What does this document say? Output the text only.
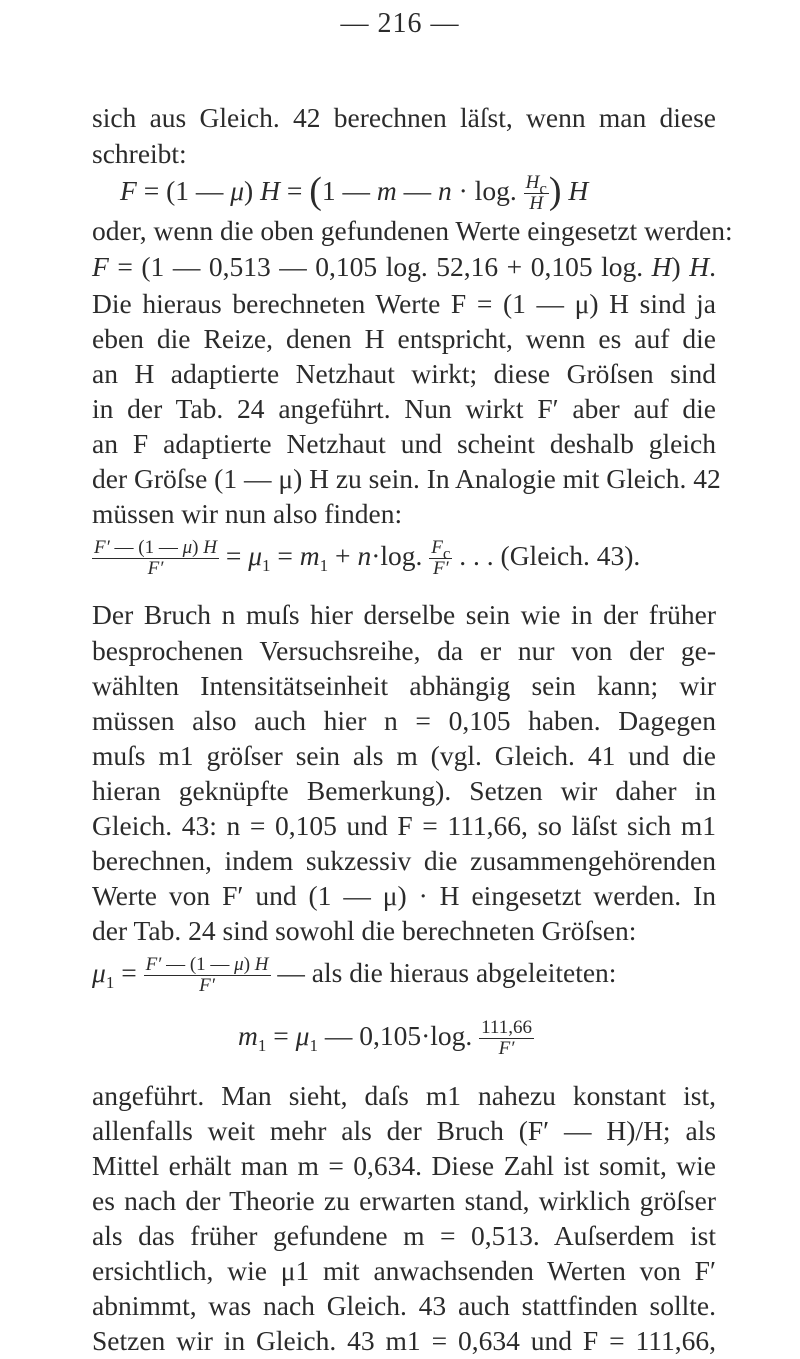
— 216 —
sich aus Gleich. 42 berechnen läſst, wenn man diese
schreibt:
F = (1 — μ) H = (1 — m — n · log. $\frac{Hc}{H}$ ) H
oder, wenn die oben gefundenen Werte eingesetzt werden:
F = (1 — 0,513 — 0,105 log. 52,16 + 0,105 log. H) H.
Die hieraus berechneten Werte F = (1 — μ) H sind ja
eben die Reize, denen H entspricht, wenn es auf die
an H adaptierte Netzhaut wirkt; diese Gröſsen sind
in der Tab. 24 angeführt. Nun wirkt F′ aber auf die
an F adaptierte Netzhaut und scheint deshalb gleich
der Gröſse (1 — μ) H zu sein. In Analogie mit Gleich. 42
müssen wir nun also finden:
$\frac{F' — (1 — \mu) H}{F'} = \mu_1 = m_1 + n\cdot\log$. $\frac{Fc}{F'}$ . . . (Gleich. 43).
Der Bruch n muſs hier derselbe sein wie in der früher
besprochenen Versuchsreihe, da er nur von der ge-
wählten Intensitätseinheit abhängig sein kann; wir
müssen also auch hier n = 0,105 haben. Dagegen
muſs m1 gröſser sein als m (vgl. Gleich. 41 und die
hieran geknüpfte Bemerkung). Setzen wir daher in
Gleich. 43: n = 0,105 und F = 111,66, so läſst sich m1
berechnen, indem sukzessiv die zusammengehörenden
Werte von F′ und (1 — μ) · H eingesetzt werden. In
der Tab. 24 sind sowohl die berechneten Gröſsen:
$\mu_1 = \frac{F' — (1 — \mu) H}{F'}$ — als die hieraus abgeleiteten:
$m_1 = \mu_1$ — 0,105·log. $\frac{111,66}{F'}$
angeführt. Man sieht, daſs m1 nahezu konstant ist,
allenfalls weit mehr als der Bruch (F′ — H)/H; als
Mittel erhält man m = 0,634. Diese Zahl ist somit, wie
es nach der Theorie zu erwarten stand, wirklich gröſser
als das früher gefundene m = 0,513. Auſserdem ist
ersichtlich, wie μ1 mit anwachsenden Werten von F′
abnimmt, was nach Gleich. 43 auch stattfinden sollte.
Setzen wir in Gleich. 43 m1 = 0,634 und F = 111,66,
